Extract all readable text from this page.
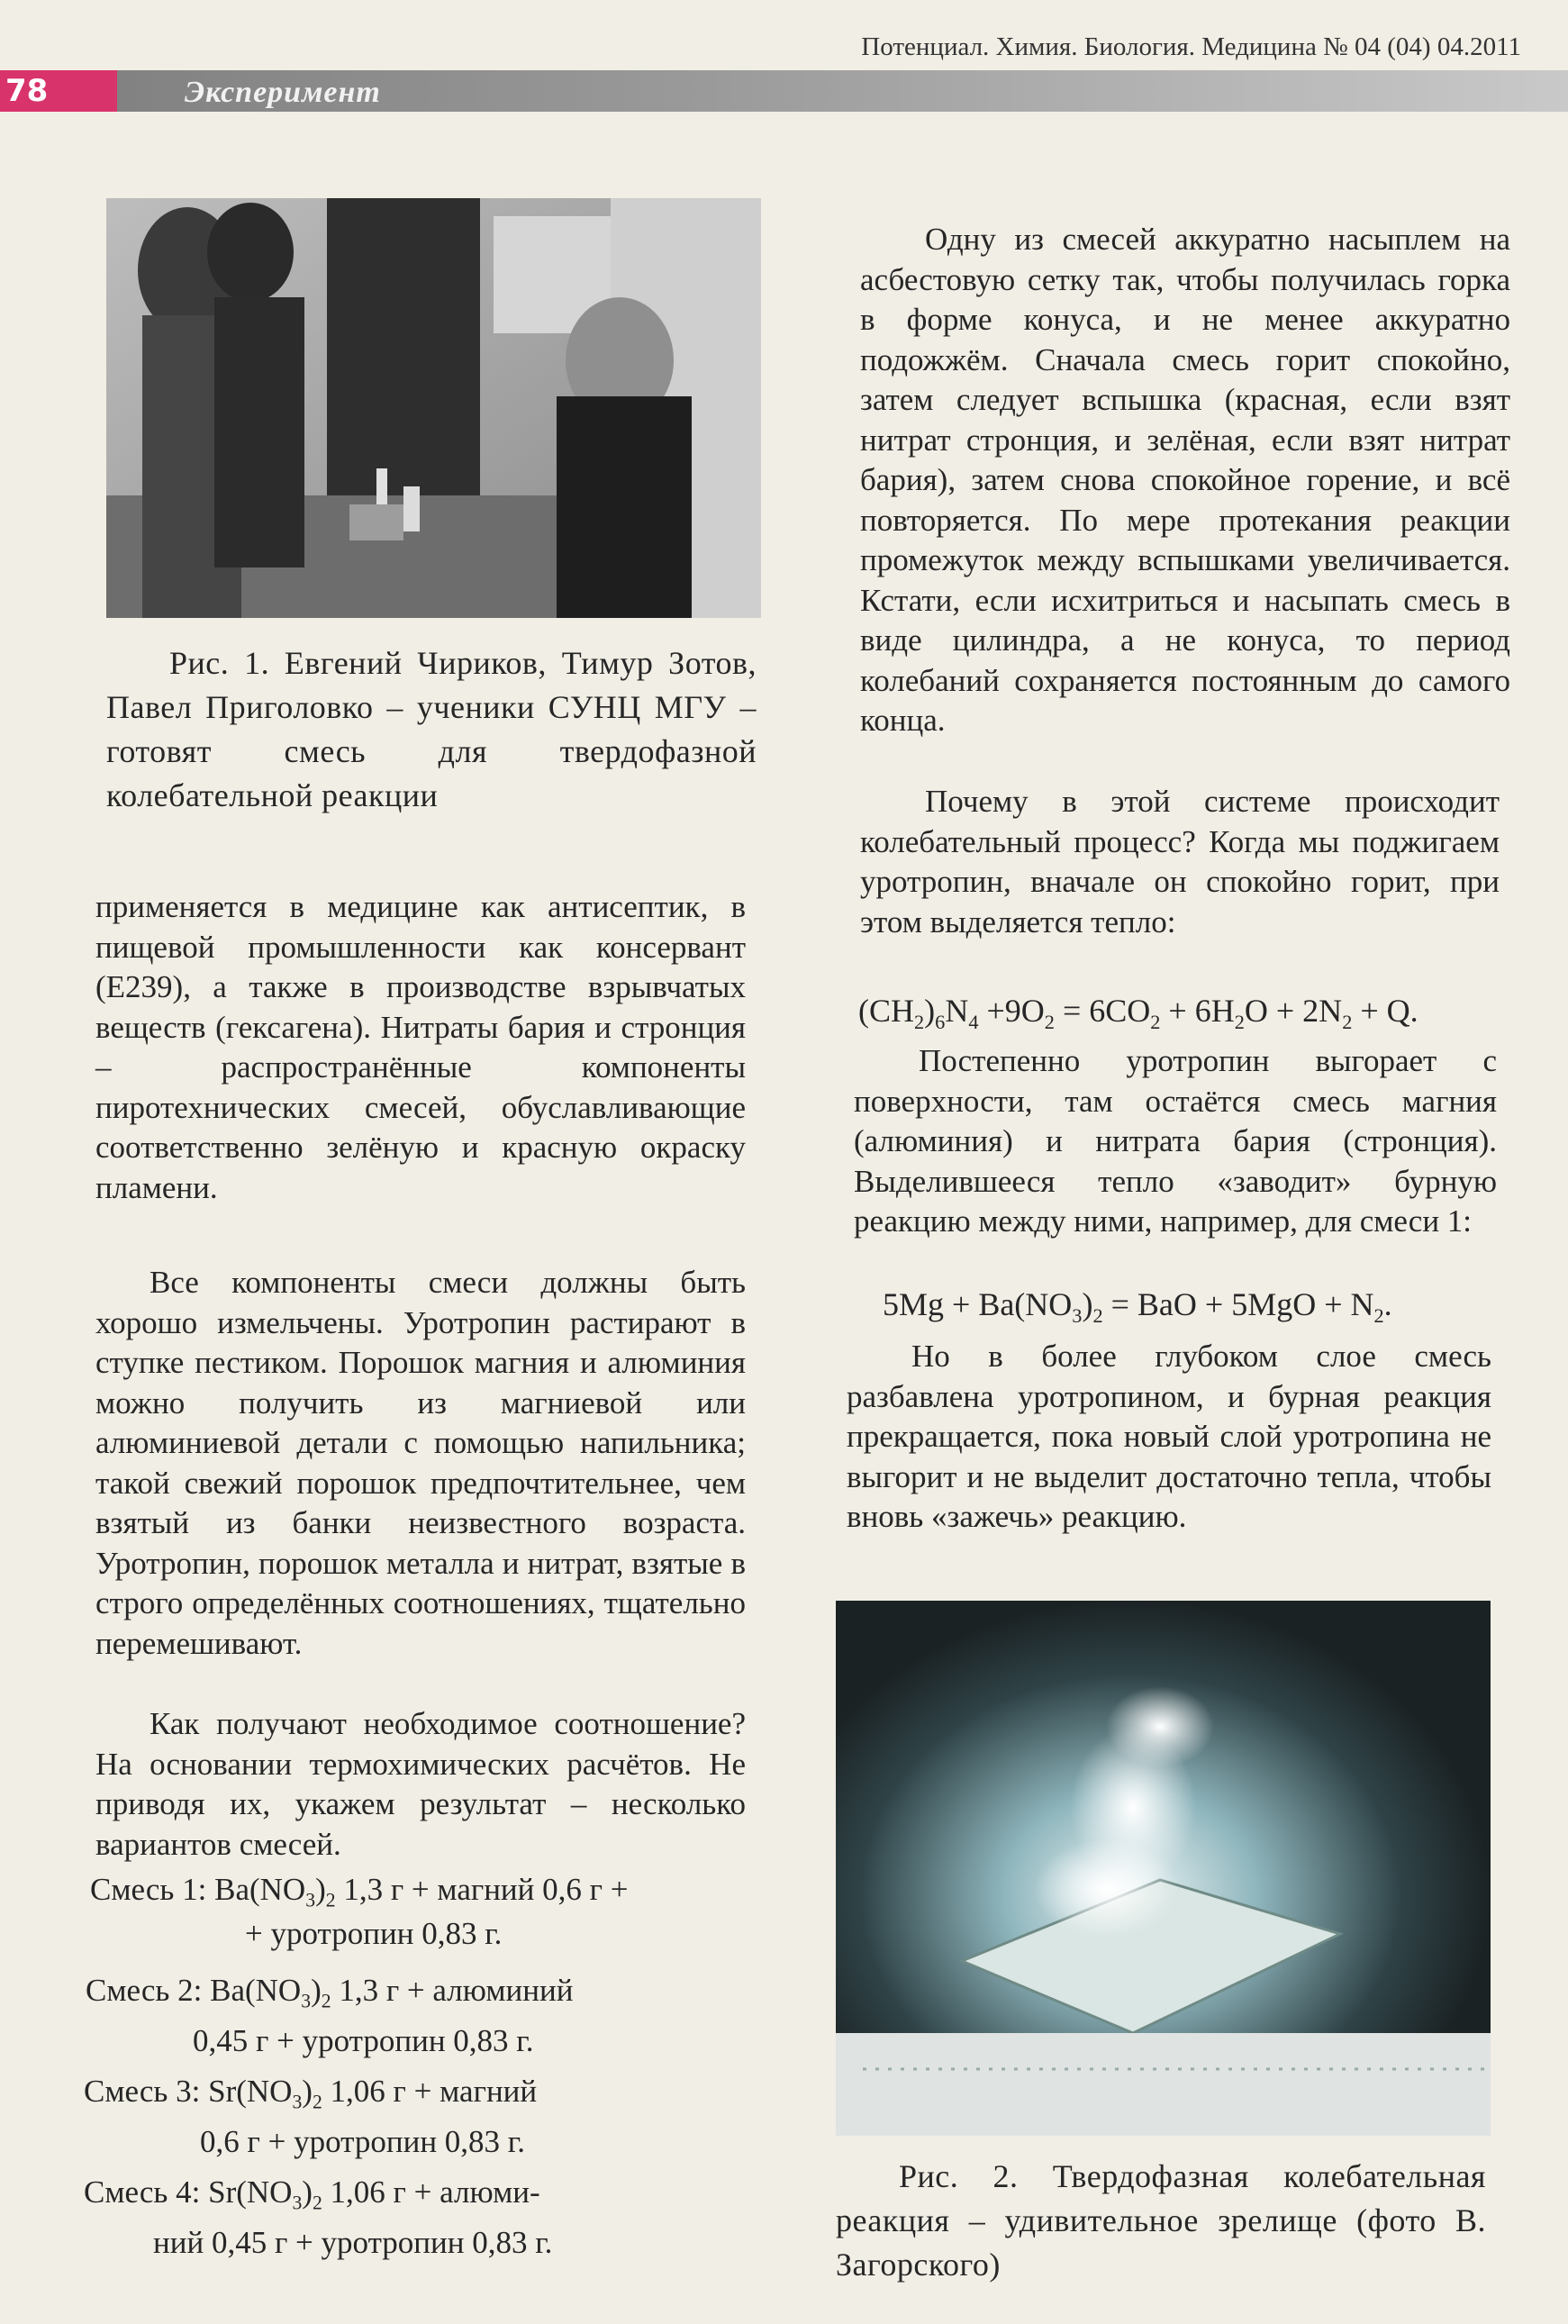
Потенциал. Химия. Биология. Медицина № 04 (04) 04.2011
78	Эксперимент

Рис. 1. Евгений Чириков, Тимур Зотов, Павел Приголовко – ученики СУНЦ МГУ – готовят смесь для твердофазной колебательной реакции

применяется в медицине как антисептик, в пищевой промышленности как консервант (Е239), а также в производстве взрывчатых веществ (гексагена). Нитраты бария и стронция – распространённые компоненты пиротехнических смесей, обуславливающие соответственно зелёную и красную окраску пламени.

Все компоненты смеси должны быть хорошо измельчены. Уротропин растирают в ступке пестиком. Порошок магния и алюминия можно получить из магниевой или алюминиевой детали с помощью напильника; такой свежий порошок предпочтительнее, чем взятый из банки неизвестного возраста. Уротропин, порошок металла и нитрат, взятые в строго определённых соотношениях, тщательно перемешивают.

Как получают необходимое соотношение? На основании термохимических расчётов. Не приводя их, укажем результат – несколько вариантов смесей.

Смесь 1: $Ba(NO_3)_2$ 1,3 г + магний 0,6 г +

+ уротропин 0,83 г.

Смесь 2: $Ba(NO_3)_2$ 1,3 г + алюминий

0,45 г + уротропин 0,83 г.

Смесь 3: $Sr(NO_3)_2$ 1,06 г + магний

0,6 г + уротропин 0,83 г.

Смесь 4: $Sr(NO_3)_2$ 1,06 г + алюми-

ний 0,45 г + уротропин 0,83 г.

Одну из смесей аккуратно насыплем на асбестовую сетку так, чтобы получилась горка в форме конуса, и не менее аккуратно подожжём. Сначала смесь горит спокойно, затем следует вспышка (красная, если взят нитрат стронция, и зелёная, если взят нитрат бария), затем снова спокойное горение, и всё повторяется. По мере протекания реакции промежуток между вспышками увеличивается. Кстати, если исхитриться и насыпать смесь в виде цилиндра, а не конуса, то период колебаний сохраняется постоянным до самого конца.

Почему в этой системе происходит колебательный процесс? Когда мы поджигаем уротропин, вначале он спокойно горит, при этом выделяется тепло:

$(CH_2)_6N_4 +9O_2 = 6CO_2 + 6H_2O + 2N_2 + Q$.

Постепенно уротропин выгорает с поверхности, там остаётся смесь магния (алюминия) и нитрата бария (стронция). Выделившееся тепло «заводит» бурную реакцию между ними, например, для смеси 1:

$5Mg + Ba(NO_3)_2$ = BaO + $5MgO + N_2$.

Но в более глубоком слое смесь разбавлена уротропином, и бурная реакция прекращается, пока новый слой уротропина не выгорит и не выделит достаточно тепла, чтобы вновь «зажечь» реакцию.

Рис. 2. Твердофазная колебательная реакция – удивительное зрелище (фото В. Загорского)
